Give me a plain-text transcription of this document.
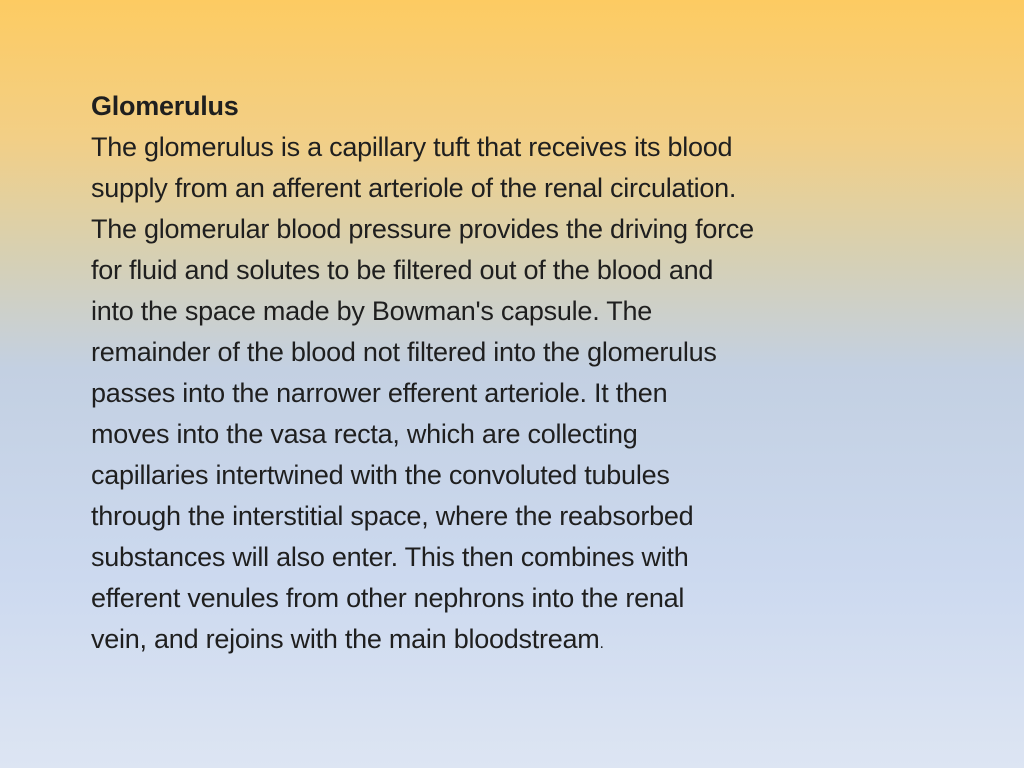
Glomerulus

The glomerulus is a capillary tuft that receives its blood

supply from an afferent arteriole of the renal circulation.

The glomerular blood pressure provides the driving force

for fluid and solutes to be filtered out of the blood and

into the space made by Bowman's capsule. The

remainder of the blood not filtered into the glomerulus

passes into the narrower efferent arteriole. It then

moves into the vasa recta, which are collecting

capillaries intertwined with the convoluted tubules

through the interstitial space, where the reabsorbed

substances will also enter. This then combines with

efferent venules from other nephrons into the renal

vein, and rejoins with the main bloodstream.
